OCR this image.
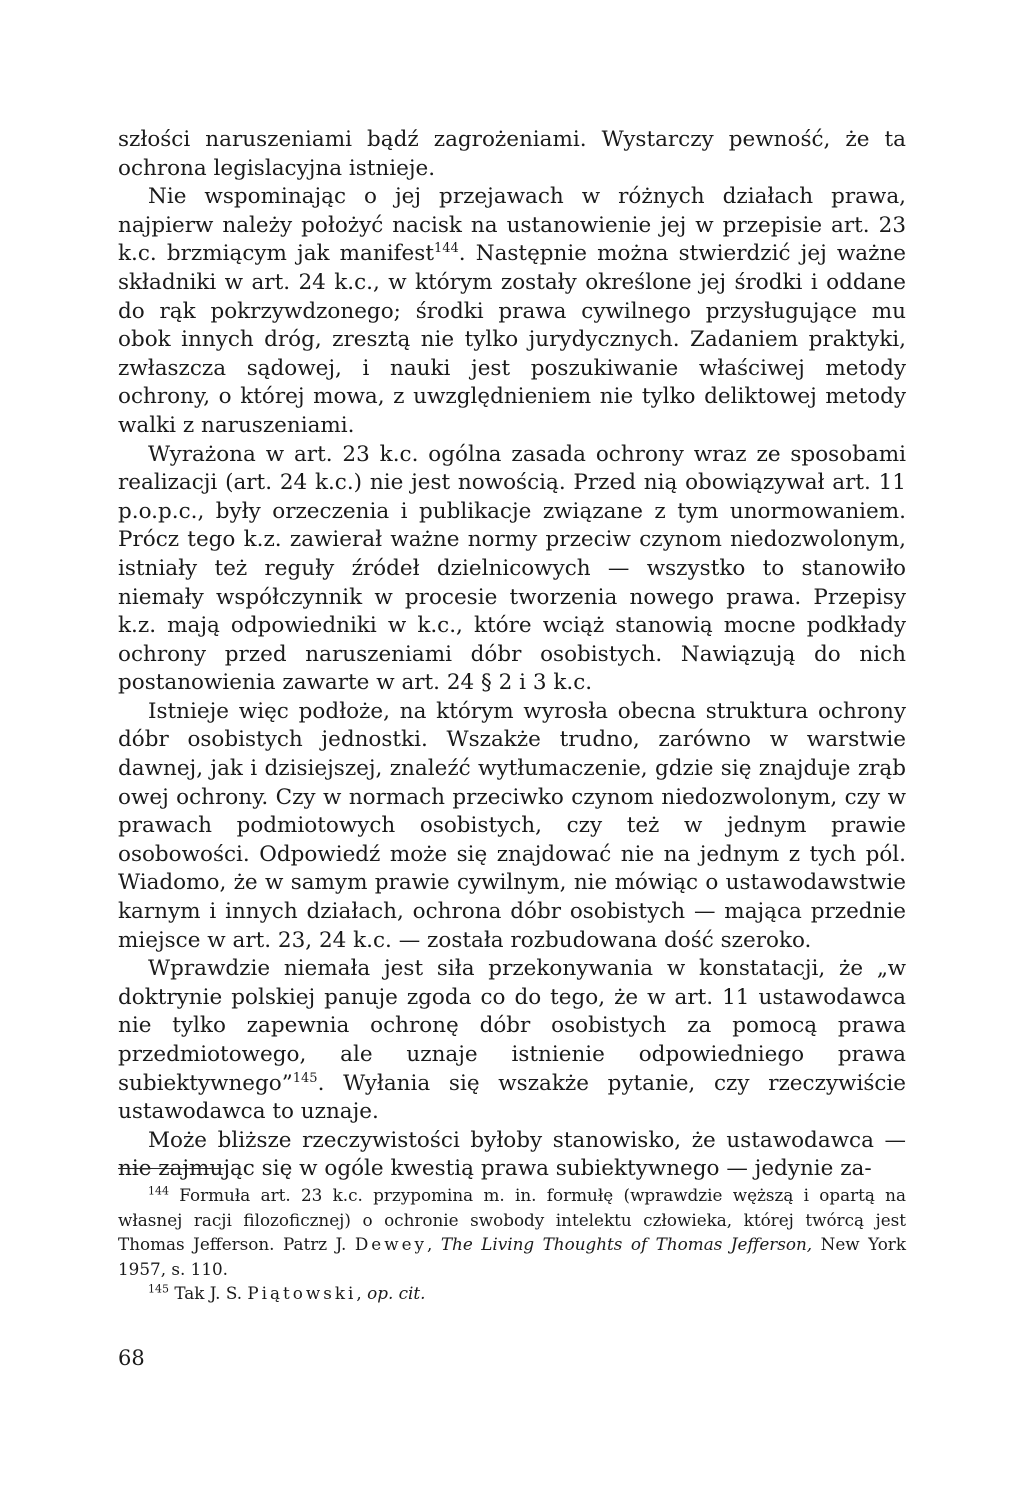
szłości naruszeniami bądź zagrożeniami. Wystarczy pewność, że ta ochrona legislacyjna istnieje.

Nie wspominając o jej przejawach w różnych działach prawa, najpierw należy położyć nacisk na ustanowienie jej w przepisie art. 23 k.c. brzmiącym jak manifest$^{144}$. Następnie można stwierdzić jej ważne składniki w art. 24 k.c., w którym zostały określone jej środki i oddane do rąk pokrzywdzonego; środki prawa cywilnego przysługujące mu obok innych dróg, zresztą nie tylko jurydycznych. Zadaniem praktyki, zwłaszcza sądowej, i nauki jest poszukiwanie właściwej metody ochrony, o której mowa, z uwzględnieniem nie tylko deliktowej metody walki z naruszeniami.

Wyrażona w art. 23 k.c. ogólna zasada ochrony wraz ze sposobami realizacji (art. 24 k.c.) nie jest nowością. Przed nią obowiązywał art. 11 p.o.p.c., były orzeczenia i publikacje związane z tym unormowaniem. Prócz tego k.z. zawierał ważne normy przeciw czynom niedozwolonym, istniały też reguły źródeł dzielnicowych — wszystko to stanowiło niemały współczynnik w procesie tworzenia nowego prawa. Przepisy k.z. mają odpowiedniki w k.c., które wciąż stanowią mocne podkłady ochrony przed naruszeniami dóbr osobistych. Nawiązują do nich postanowienia zawarte w art. 24 § 2 i 3 k.c.

Istnieje więc podłoże, na którym wyrosła obecna struktura ochrony dóbr osobistych jednostki. Wszakże trudno, zarówno w warstwie dawnej, jak i dzisiejszej, znaleźć wytłumaczenie, gdzie się znajduje zrąb owej ochrony. Czy w normach przeciwko czynom niedozwolonym, czy w prawach podmiotowych osobistych, czy też w jednym prawie osobowości. Odpowiedź może się znajdować nie na jednym z tych pól. Wiadomo, że w samym prawie cywilnym, nie mówiąc o ustawodawstwie karnym i innych działach, ochrona dóbr osobistych — mająca przednie miejsce w art. 23, 24 k.c. — została rozbudowana dość szeroko.

Wprawdzie niemała jest siła przekonywania w konstatacji, że „w doktrynie polskiej panuje zgoda co do tego, że w art. 11 ustawodawca nie tylko zapewnia ochronę dóbr osobistych za pomocą prawa przedmiotowego, ale uznaje istnienie odpowiedniego prawa subiektywnego”$^{145}$. Wyłania się wszakże pytanie, czy rzeczywiście ustawodawca to uznaje.

Może bliższe rzeczywistości byłoby stanowisko, że ustawodawca — nie zajmując się w ogóle kwestią prawa subiektywnego — jedynie za-

$^{144}$ Formuła art. 23 k.c. przypomina m. in. formułę (wprawdzie węższą i opartą na własnej racji filozoficznej) o ochronie swobody intelektu człowieka, której twórcą jest Thomas Jefferson. Patrz J. Dewey, The Living Thoughts of Thomas Jefferson, New York 1957, s. 110.

$^{145}$ Tak J. S. Piątowski, op. cit.

68
